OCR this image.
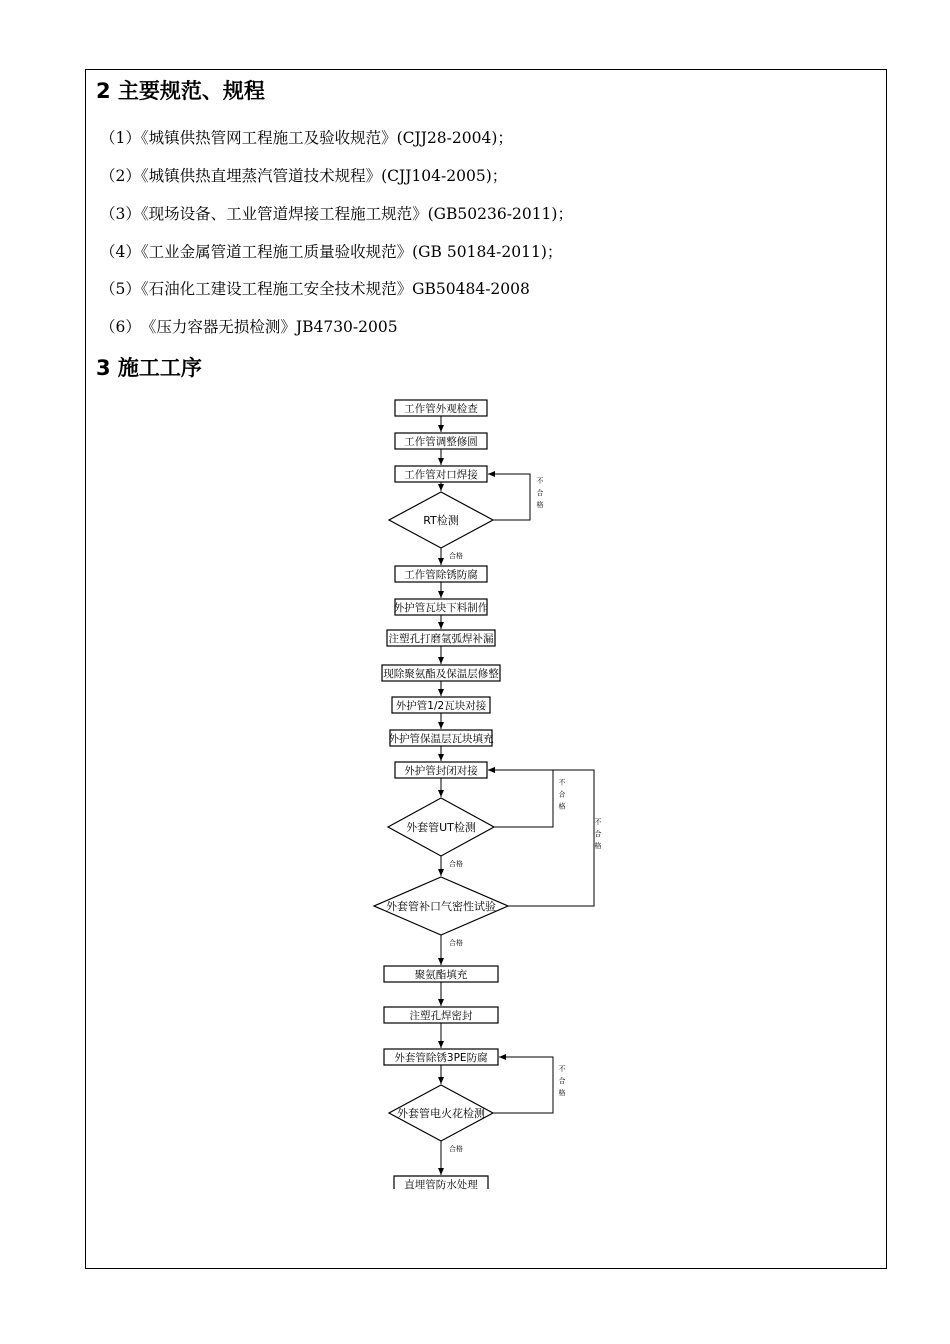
2 主要规范、规程
（1）《城镇供热管网工程施工及验收规范》(CJJ28-2004)；
（2）《城镇供热直埋蒸汽管道技术规程》(CJJ104-2005)；
（3）《现场设备、工业管道焊接工程施工规范》(GB50236-2011)；
（4）《工业金属管道工程施工质量验收规范》(GB 50184-2011)；
（5）《石油化工建设工程施工安全技术规范》GB50484-2008
（6）　《压力容器无损检测》JB4730-2005
3 施工工序
工作管外观检查
工作管调整修圆
工作管对口焊接
RT检测
合格
工作管除锈防腐
外护管瓦块下料制作
注塑孔打磨氩弧焊补漏
现除聚氨酯及保温层修整
外护管1/2瓦块对接
外护管保温层瓦块填充
外护管封闭对接
外套管UT检测
合格
外套管补口气密性试验
合格
聚氨酯填充
注塑孔焊密封
外套管除锈3PE防腐
外套管电火花检测
合格
直埋管防水处理
不
合
格
不
合
格
不
合
格
不
合
格
